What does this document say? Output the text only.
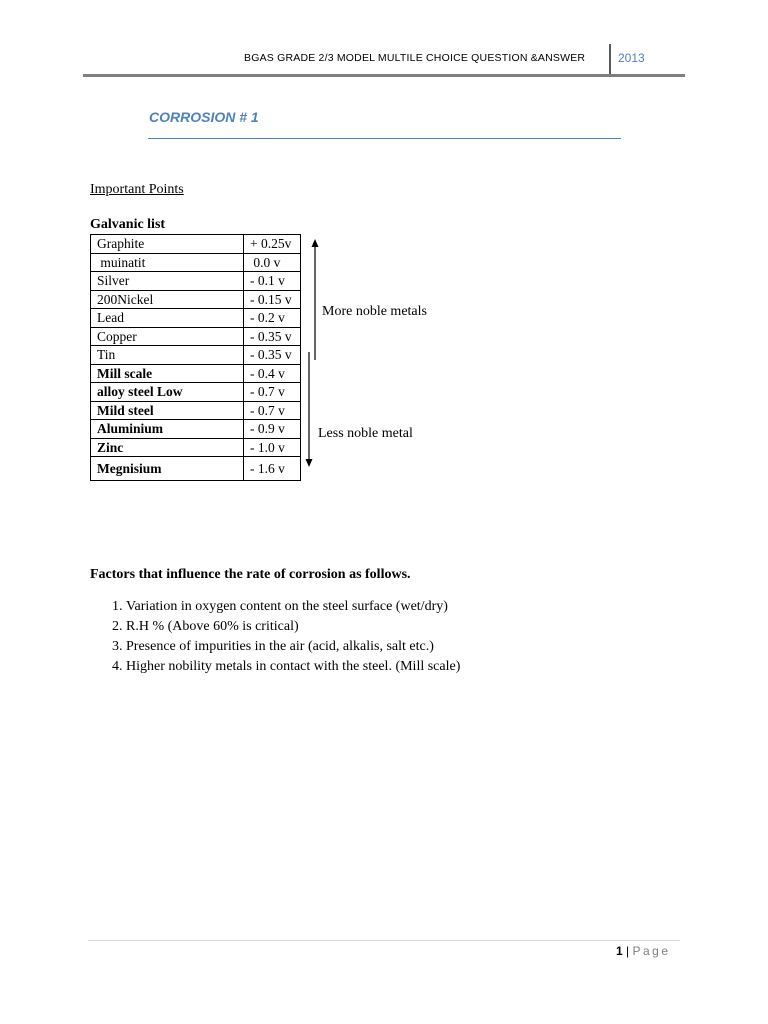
BGAS GRADE 2/3 MODEL MULTILE CHOICE QUESTION &ANSWER	2013
CORROSION # 1
Important Points
Galvanic list
Graphite	+ 0.25v
muinatit	0.0 v
Silver	- 0.1 v
200Nickel	- 0.15 v
Lead	- 0.2 v
Copper	- 0.35 v
Tin	- 0.35 v
Mill scale	- 0.4 v
alloy steel Low	- 0.7 v
Mild steel	- 0.7 v
Aluminium	- 0.9 v
Zinc	- 1.0 v
Megnisium	- 1.6 v
More noble metals
Less noble metal
Factors that influence the rate of corrosion as follows.
1. Variation in oxygen content on the steel surface (wet/dry)
2. R.H % (Above 60% is critical)
3. Presence of impurities in the air (acid, alkalis, salt etc.)
4. Higher nobility metals in contact with the steel. (Mill scale)
1 | Page
